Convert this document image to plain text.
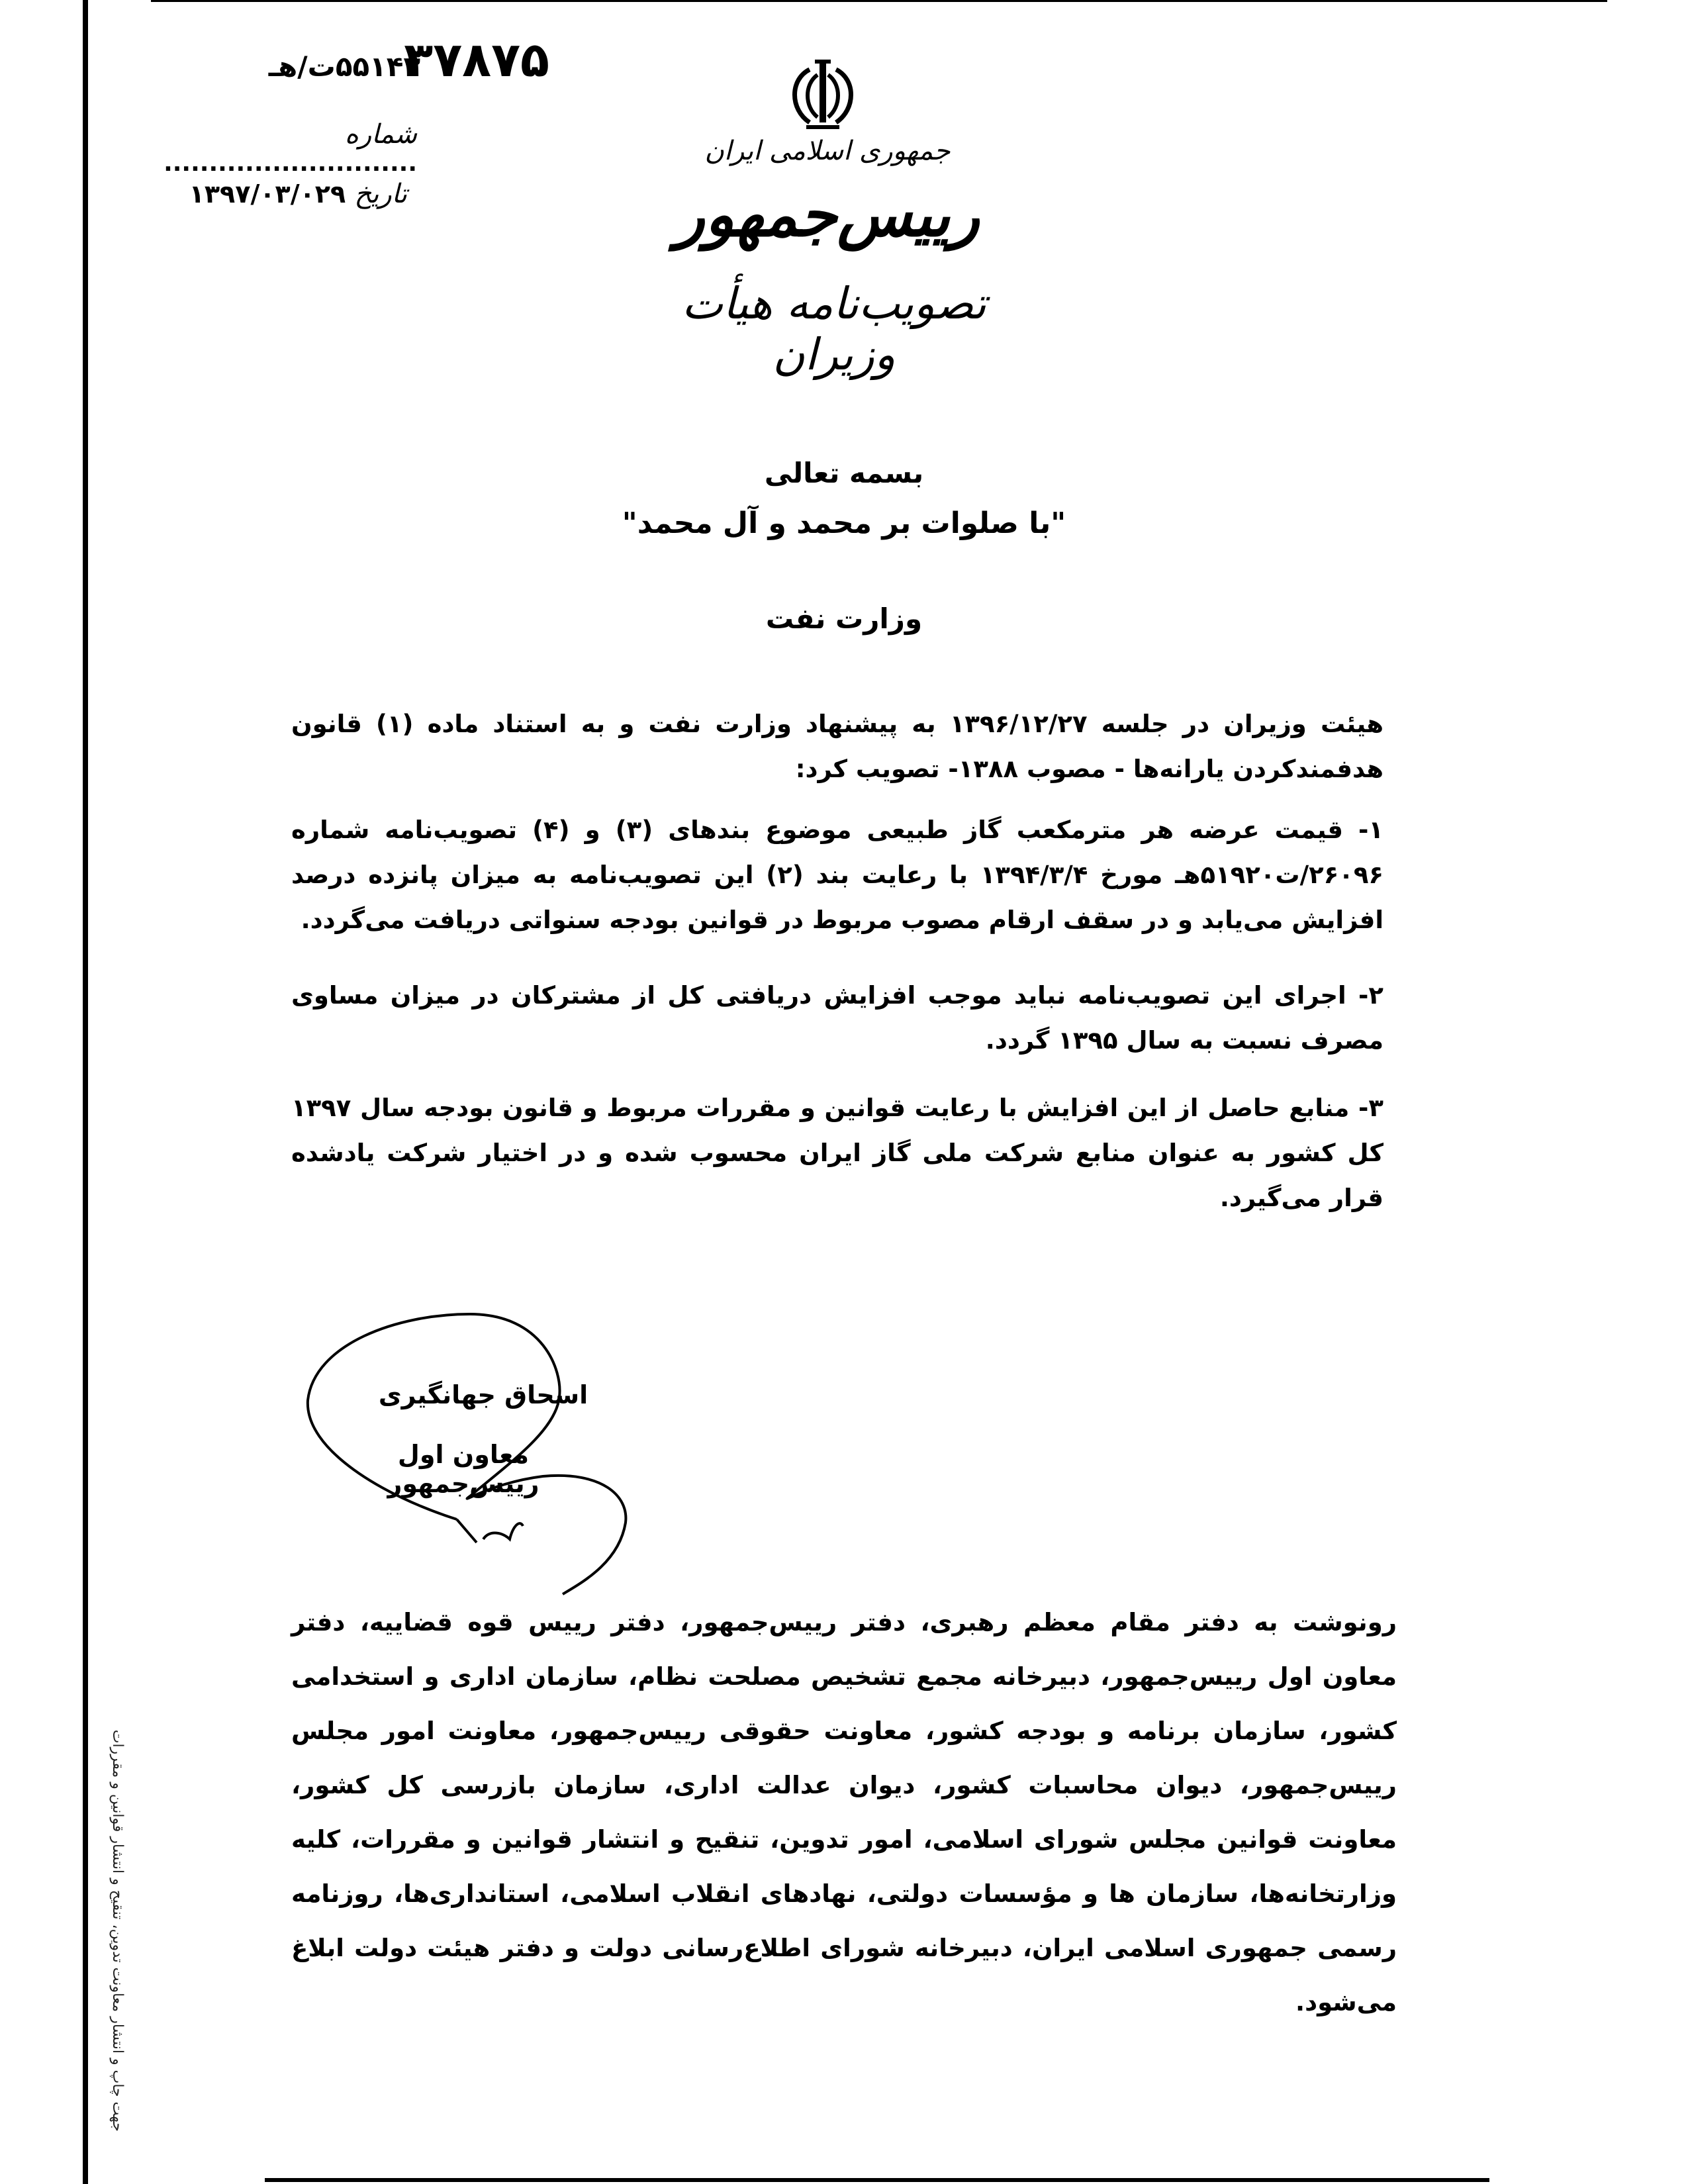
۳۷۸۷۵
۵۵۱۴۳ت/هـ
شماره ............................
تاریخ ۱۳۹۷/۰۳/۰۲۹
جمهوری اسلامی ایران
رییس‌جمهور
تصویب‌نامه هیأت وزیران
بسمه تعالی
"با صلوات بر محمد و آل محمد"
وزارت نفت
هیئت وزیران در جلسه ۱۳۹۶/۱۲/۲۷ به پیشنهاد وزارت نفت و به استناد ماده (۱) قانون هدفمندکردن یارانه‌ها - مصوب ۱۳۸۸- تصویب کرد:
۱- قیمت عرضه هر مترمکعب گاز طبیعی موضوع بندهای (۳) و (۴) تصویب‌نامه شماره ۲۶۰۹۶/ت۵۱۹۲۰هـ مورخ ۱۳۹۴/۳/۴ با رعایت بند (۲) این تصویب‌نامه به میزان پانزده درصد افزایش می‌یابد و در سقف ارقام مصوب مربوط در قوانین بودجه سنواتی دریافت می‌گردد.
۲- اجرای این تصویب‌نامه نباید موجب افزایش دریافتی کل از مشترکان در میزان مساوی مصرف نسبت به سال ۱۳۹۵ گردد.
۳- منابع حاصل از این افزایش با رعایت قوانین و مقررات مربوط و قانون بودجه سال ۱۳۹۷ کل کشور به عنوان منابع شرکت ملی گاز ایران محسوب شده و در اختیار شرکت یادشده قرار می‌گیرد.
اسحاق جهانگیری
معاون اول رییس‌جمهور
رونوشت به دفتر مقام معظم رهبری، دفتر رییس‌جمهور، دفتر رییس قوه قضاییه، دفتر معاون اول رییس‌جمهور، دبیرخانه مجمع تشخیص مصلحت نظام، سازمان اداری و استخدامی کشور، سازمان برنامه و بودجه کشور، معاونت حقوقی رییس‌جمهور، معاونت امور مجلس رییس‌جمهور، دیوان محاسبات کشور، دیوان عدالت اداری، سازمان بازرسی کل کشور، معاونت قوانین مجلس شورای اسلامی، امور تدوین، تنقیح و انتشار قوانین و مقررات، کلیه وزارتخانه‌ها، سازمان ها و مؤسسات دولتی، نهادهای انقلاب اسلامی، استانداری‌ها، روزنامه رسمی جمهوری اسلامی ایران، دبیرخانه شورای اطلاع‌رسانی دولت و دفتر هیئت دولت ابلاغ می‌شود.
جهت چاپ و انتشار معاونت تدوین، تنقیح و انتشار قوانین و مقررات
